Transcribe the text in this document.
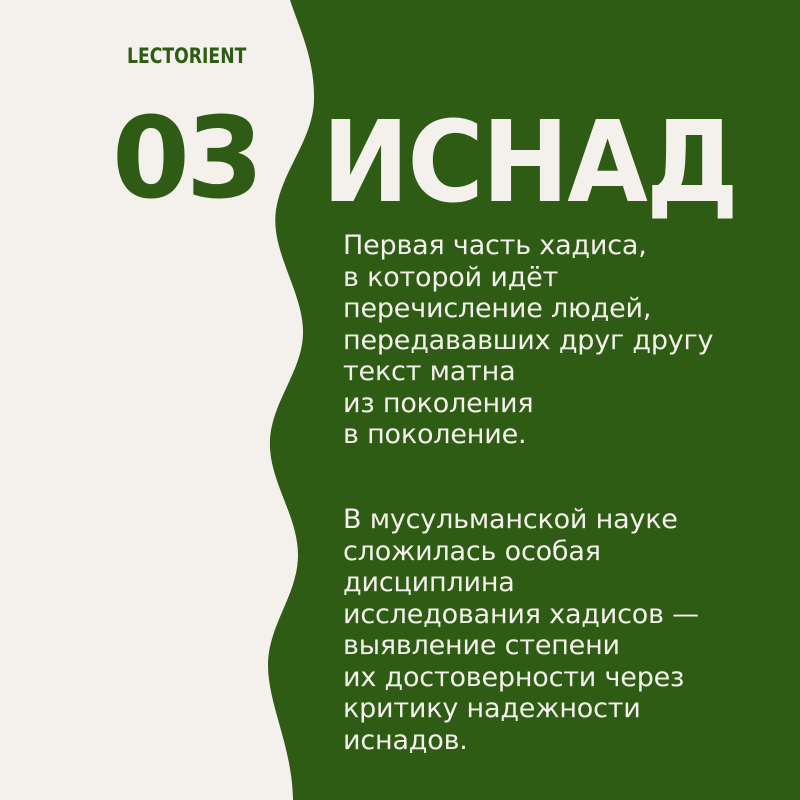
LECTORIENT
03 ИСНАД

Первая часть хадиса,
в которой идёт
перечисление людей,
передававших друг другу
текст матна
из поколения
в поколение.

В мусульманской науке
сложилась особая
дисциплина
исследования хадисов —
выявление степени
их достоверности через
критику надежности
иснадов.
